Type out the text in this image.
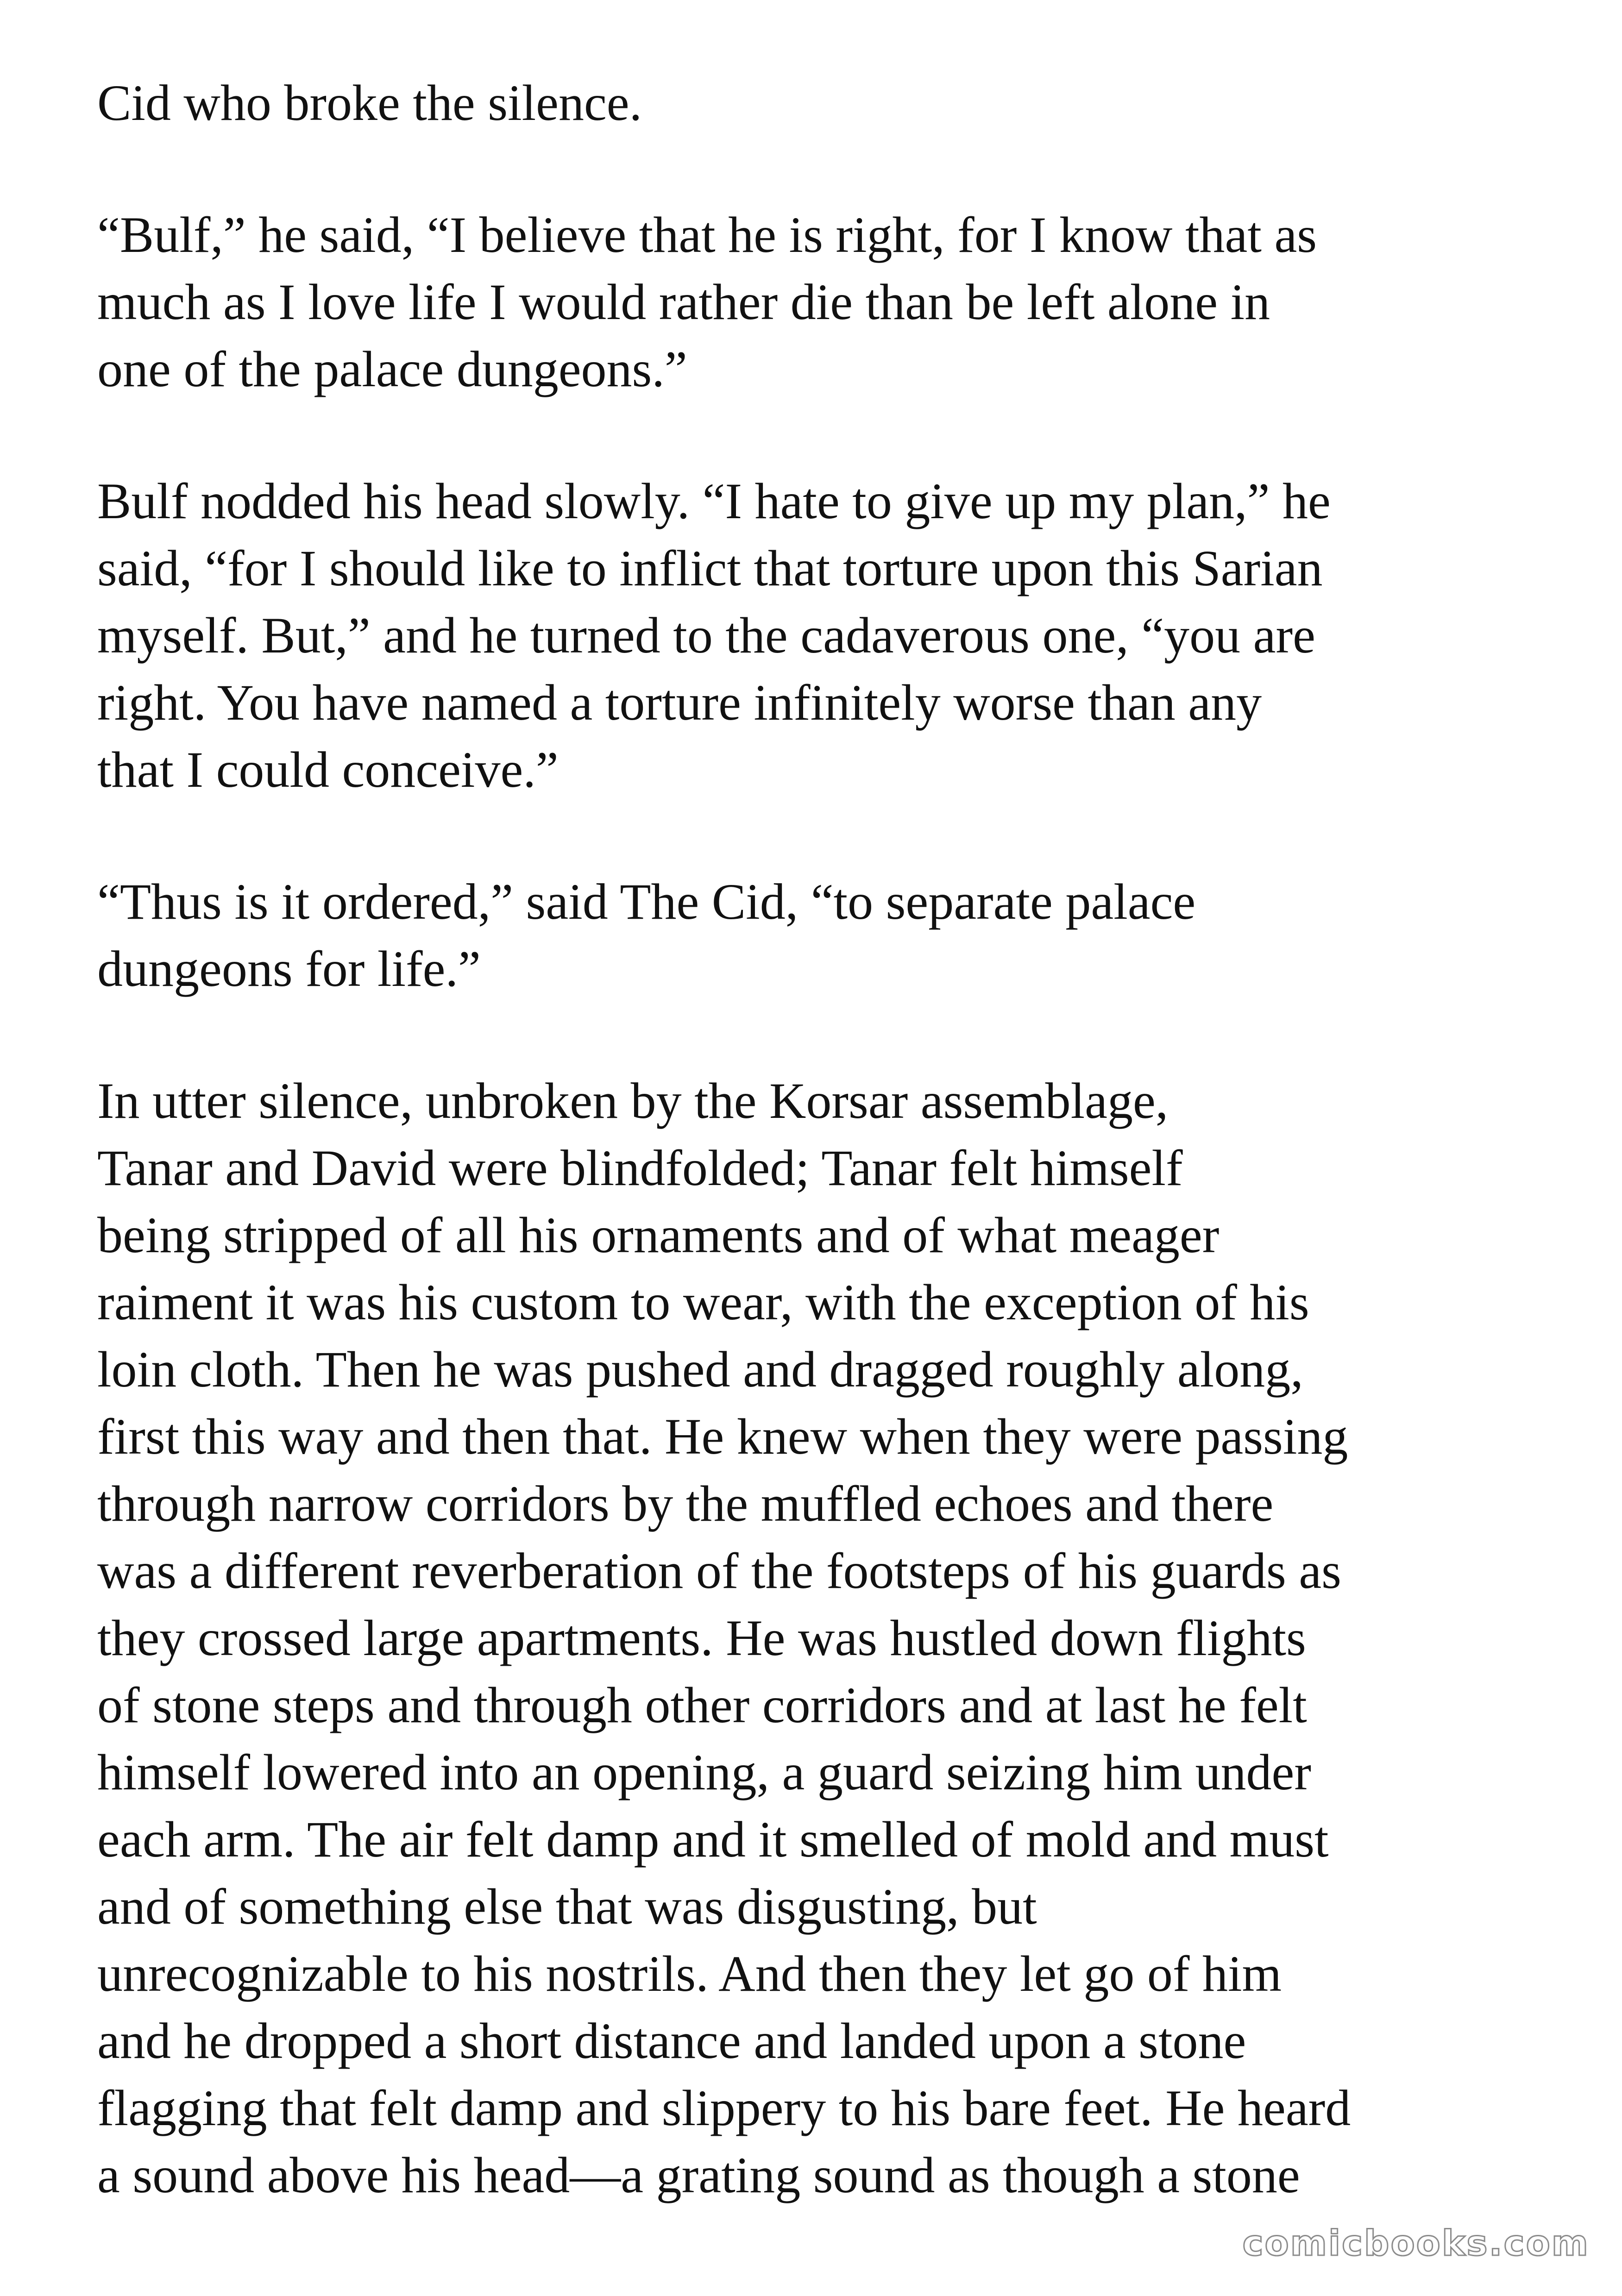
Cid who broke the silence.

“Bulf,” he said, “I believe that he is right, for I know that as
much as I love life I would rather die than be left alone in
one of the palace dungeons.”

Bulf nodded his head slowly. “I hate to give up my plan,” he
said, “for I should like to inflict that torture upon this Sarian
myself. But,” and he turned to the cadaverous one, “you are
right. You have named a torture infinitely worse than any
that I could conceive.”

“Thus is it ordered,” said The Cid, “to separate palace
dungeons for life.”

In utter silence, unbroken by the Korsar assemblage,
Tanar and David were blindfolded; Tanar felt himself
being stripped of all his ornaments and of what meager
raiment it was his custom to wear, with the exception of his
loin cloth. Then he was pushed and dragged roughly along,
first this way and then that. He knew when they were passing
through narrow corridors by the muffled echoes and there
was a different reverberation of the footsteps of his guards as
they crossed large apartments. He was hustled down flights
of stone steps and through other corridors and at last he felt
himself lowered into an opening, a guard seizing him under
each arm. The air felt damp and it smelled of mold and must
and of something else that was disgusting, but
unrecognizable to his nostrils. And then they let go of him
and he dropped a short distance and landed upon a stone
flagging that felt damp and slippery to his bare feet. He heard
a sound above his head—a grating sound as though a stone

comicbooks.com
